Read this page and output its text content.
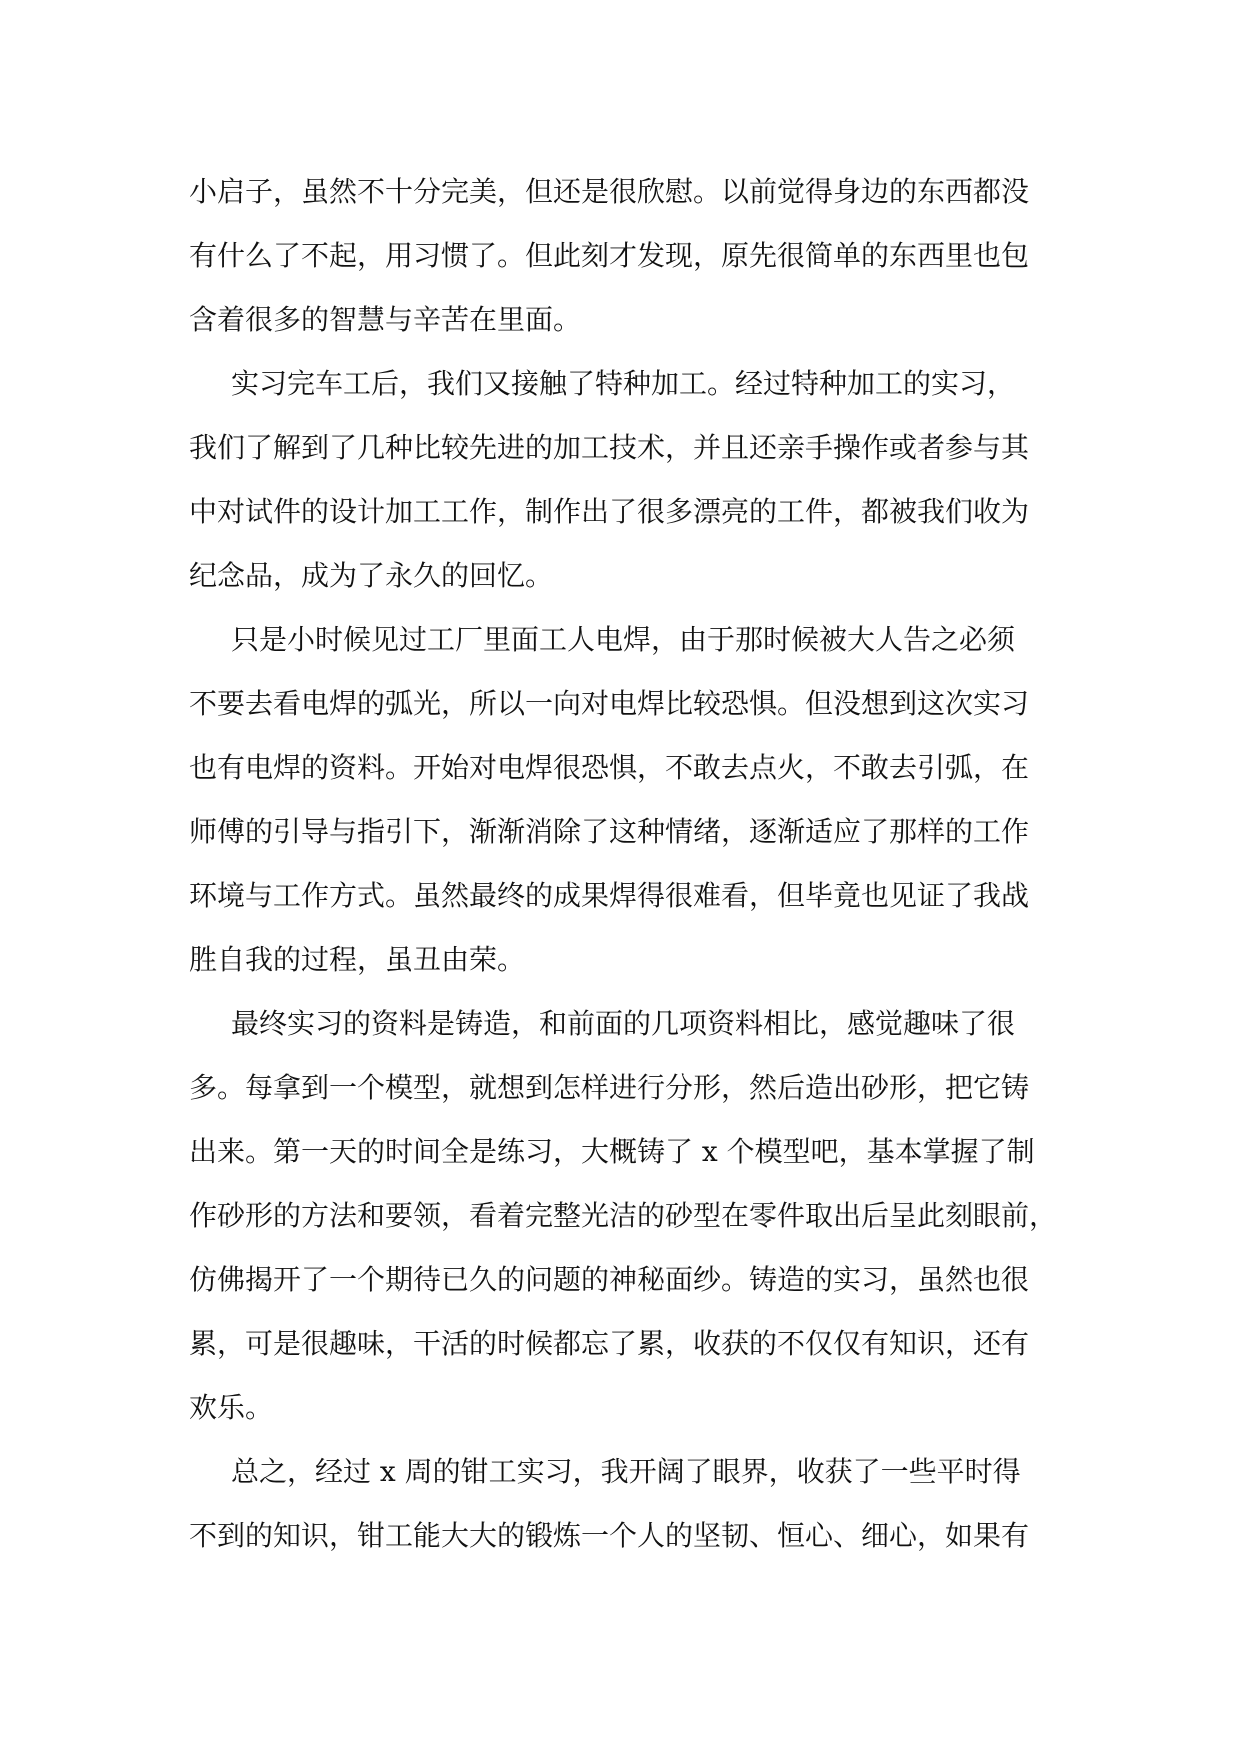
小启子，虽然不十分完美，但还是很欣慰。以前觉得身边的东西都没
有什么了不起，用习惯了。但此刻才发现，原先很简单的东西里也包
含着很多的智慧与辛苦在里面。

实习完车工后，我们又接触了特种加工。经过特种加工的实习，
我们了解到了几种比较先进的加工技术，并且还亲手操作或者参与其
中对试件的设计加工工作，制作出了很多漂亮的工件，都被我们收为
纪念品，成为了永久的回忆。

只是小时候见过工厂里面工人电焊，由于那时候被大人告之必须
不要去看电焊的弧光，所以一向对电焊比较恐惧。但没想到这次实习
也有电焊的资料。开始对电焊很恐惧，不敢去点火，不敢去引弧，在
师傅的引导与指引下，渐渐消除了这种情绪，逐渐适应了那样的工作
环境与工作方式。虽然最终的成果焊得很难看，但毕竟也见证了我战
胜自我的过程，虽丑由荣。

最终实习的资料是铸造，和前面的几项资料相比，感觉趣味了很
多。每拿到一个模型，就想到怎样进行分形，然后造出砂形，把它铸
出来。第一天的时间全是练习，大概铸了 x 个模型吧，基本掌握了制
作砂形的方法和要领，看着完整光洁的砂型在零件取出后呈此刻眼前，
仿佛揭开了一个期待已久的问题的神秘面纱。铸造的实习，虽然也很
累，可是很趣味，干活的时候都忘了累，收获的不仅仅有知识，还有
欢乐。

总之，经过 x 周的钳工实习，我开阔了眼界，收获了一些平时得
不到的知识，钳工能大大的锻炼一个人的坚韧、恒心、细心，如果有
